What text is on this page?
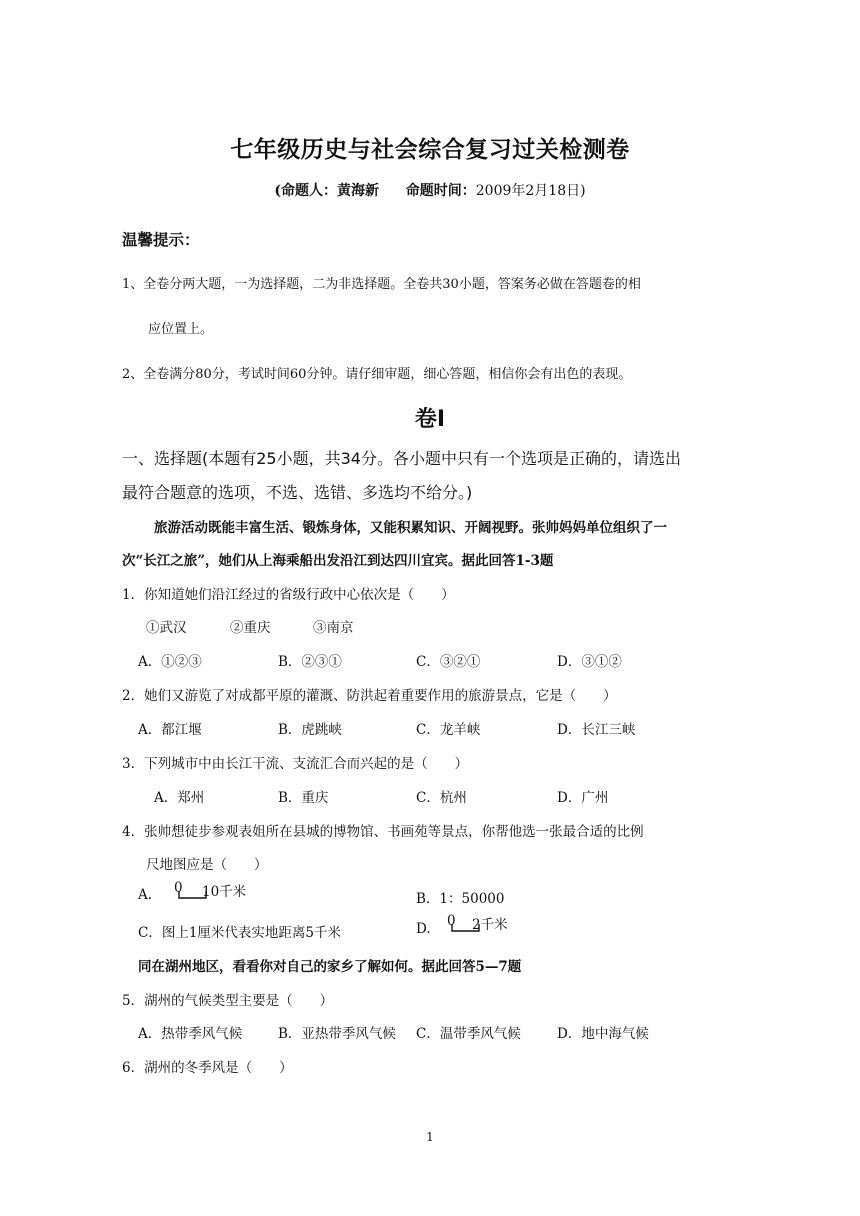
七年级历史与社会综合复习过关检测卷
(命题人：黄海新 命题时间：2009年2月18日)
温馨提示：
1、全卷分两大题，一为选择题，二为非选择题。全卷共30小题，答案务必做在答题卷的相
应位置上。
2、全卷满分80分，考试时间60分钟。请仔细审题，细心答题，相信你会有出色的表现。
卷Ⅰ
一、选择题(本题有25小题，共34分。各小题中只有一个选项是正确的，请选出
最符合题意的选项，不选、选错、多选均不给分。)
旅游活动既能丰富生活、锻炼身体，又能积累知识、开阔视野。张帅妈妈单位组织了一
次“长江之旅”，她们从上海乘船出发沿江到达四川宜宾。据此回答1-3题
1．你知道她们沿江经过的省级行政中心依次是（　　）
①武汉	②重庆	③南京
A．①②③	B．②③①	C．③②①	D．③①②
2．她们又游览了对成都平原的灌溉、防洪起着重要作用的旅游景点，它是（　　）
A．都江堰	B．虎跳峡	C．龙羊峡	D．长江三峡
3．下列城市中由长江干流、支流汇合而兴起的是（　　）
A．郑州	B．重庆	C．杭州	D．广州
4．张帅想徒步参观表姐所在县城的博物馆、书画苑等景点，你帮他选一张最合适的比例
尺地图应是（　　）
A. 0 10千米	B．1：50000
C．图上1厘米代表实地距离5千米	D. 0 2千米
同在湖州地区，看看你对自己的家乡了解如何。据此回答5—7题
5．湖州的气候类型主要是（　　）
A．热带季风气候	B．亚热带季风气候 C．温带季风气候	D．地中海气候
6．湖州的冬季风是（　　）
1
